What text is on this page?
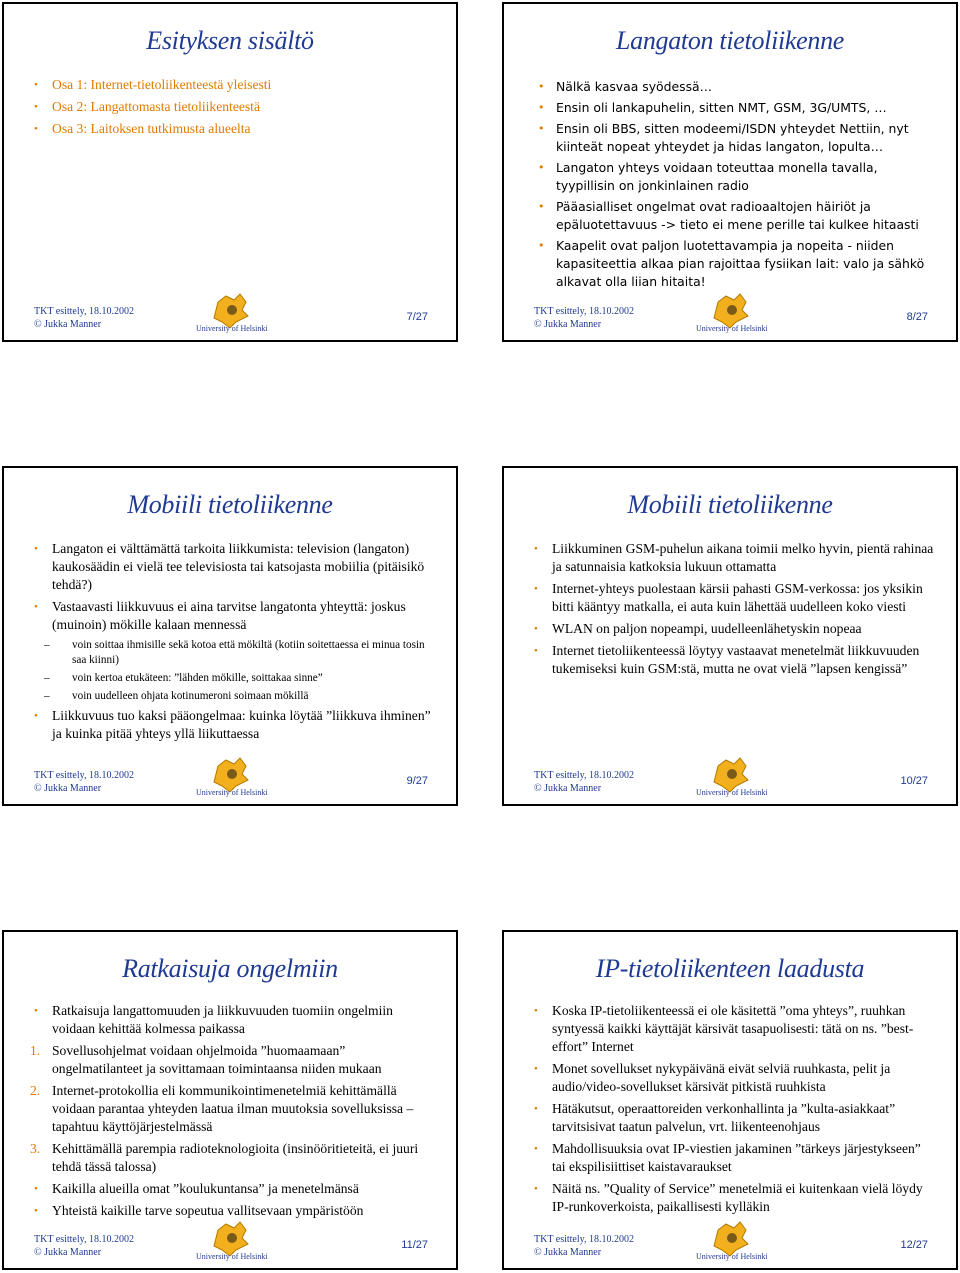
Esityksen sisältö
• Osa 1: Internet-tietoliikenteestä yleisesti
• Osa 2: Langattomasta tietoliikenteestä
• Osa 3: Laitoksen tutkimusta alueelta
TKT esittely, 18.10.2002
© Jukka Manner	University of Helsinki
7/27
Langaton tietoliikenne
• Nälkä kasvaa syödessä…
• Ensin oli lankapuhelin, sitten NMT, GSM, 3G/UMTS, …
• Ensin oli BBS, sitten modeemi/ISDN yhteydet Nettiin, nyt kiinteät nopeat yhteydet ja hidas langaton, lopulta…
• Langaton yhteys voidaan toteuttaa monella tavalla, tyypillisin on jonkinlainen radio
• Pääasialliset ongelmat ovat radioaaltojen häiriöt ja epäluotettavuus -> tieto ei mene perille tai kulkee hitaasti
• Kaapelit ovat paljon luotettavampia ja nopeita - niiden kapasiteettia alkaa pian rajoittaa fysiikan lait: valo ja sähkö alkavat olla liian hitaita!
TKT esittely, 18.10.2002
© Jukka Manner	University of Helsinki
8/27
Mobiili tietoliikenne
• Langaton ei välttämättä tarkoita liikkumista: television (langaton) kaukosäädin ei vielä tee televisiosta tai katsojasta mobiilia (pitäisikö tehdä?)
• Vastaavasti liikkuvuus ei aina tarvitse langatonta yhteyttä: joskus (muinoin) mökille kalaan mennessä
– voin soittaa ihmisille sekä kotoa että mökiltä (kotiin soitettaessa ei minua tosin saa kiinni)
– voin kertoa etukäteen: ”lähden mökille, soittakaa sinne”
– voin uudelleen ohjata kotinumeroni soimaan mökillä
• Liikkuvuus tuo kaksi pääongelmaa: kuinka löytää ”liikkuva ihminen” ja kuinka pitää yhteys yllä liikuttaessa
TKT esittely, 18.10.2002
© Jukka Manner	University of Helsinki
9/27
Mobiili tietoliikenne
• Liikkuminen GSM-puhelun aikana toimii melko hyvin, pientä rahinaa ja satunnaisia katkoksia lukuun ottamatta
• Internet-yhteys puolestaan kärsii pahasti GSM-verkossa: jos yksikin bitti kääntyy matkalla, ei auta kuin lähettää uudelleen koko viesti
• WLAN on paljon nopeampi, uudelleenlähetyskin nopeaa
• Internet tietoliikenteessä löytyy vastaavat menetelmät liikkuvuuden tukemiseksi kuin GSM:stä, mutta ne ovat vielä ”lapsen kengissä”
TKT esittely, 18.10.2002
© Jukka Manner	University of Helsinki
10/27
Ratkaisuja ongelmiin
• Ratkaisuja langattomuuden ja liikkuvuuden tuomiin ongelmiin voidaan kehittää kolmessa paikassa
1. Sovellusohjelmat voidaan ohjelmoida ”huomaamaan” ongelmatilanteet ja sovittamaan toimintaansa niiden mukaan
2. Internet-protokollia eli kommunikointimenetelmiä kehittämällä voidaan parantaa yhteyden laatua ilman muutoksia sovelluksissa – tapahtuu käyttöjärjestelmässä
3. Kehittämällä parempia radioteknologioita (insinööritieteitä, ei juuri tehdä tässä talossa)
• Kaikilla alueilla omat ”koulukuntansa” ja menetelmänsä
• Yhteistä kaikille tarve sopeutua vallitsevaan ympäristöön
TKT esittely, 18.10.2002
© Jukka Manner	University of Helsinki
11/27
IP-tietoliikenteen laadusta
• Koska IP-tietoliikenteessä ei ole käsitettä ”oma yhteys”, ruuhkan syntyessä kaikki käyttäjät kärsivät tasapuolisesti: tätä on ns. ”best-effort” Internet
• Monet sovellukset nykypäivänä eivät selviä ruuhkasta, pelit ja audio/video-sovellukset kärsivät pitkistä ruuhkista
• Hätäkutsut, operaattoreiden verkonhallinta ja ”kulta-asiakkaat” tarvitsisivat taatun palvelun, vrt. liikenteenohjaus
• Mahdollisuuksia ovat IP-viestien jakaminen ”tärkeys järjestykseen” tai ekspilisiittiset kaistavaraukset
• Näitä ns. ”Quality of Service” menetelmiä ei kuitenkaan vielä löydy IP-runkoverkoista, paikallisesti kylläkin
TKT esittely, 18.10.2002
© Jukka Manner	University of Helsinki
12/27
